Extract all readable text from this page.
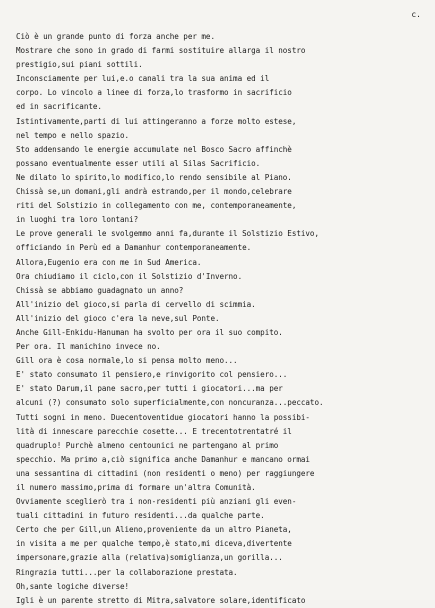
c.
Ciò è un grande punto di forza anche per me.
Mostrare che sono in grado di farmi sostituire allarga il nostro
prestigio,sui piani sottili.
Inconsciamente per lui,e.o canali tra la sua anima ed il
corpo. Lo vincolo a linee di forza,lo trasformo in sacrificio
ed in sacrificante.
Istintivamente,parti di lui attingeranno a forze molto estese,
nel tempo e nello spazio.
Sto addensando le energie accumulate nel Bosco Sacro affinchè
possano eventualmente esser utili al Silas Sacrificio.
Ne dilato lo spirito,lo modifico,lo rendo sensibile al Piano.
Chissà se,un domani,gli andrà estrando,per il mondo,celebrare
riti del Solstizio in collegamento con me, contemporaneamente,
in luoghi tra loro lontani?
Le prove generali le svolgemmo anni fa,durante il Solstizio Estivo,
officiando in Perù ed a Damanhur contemporaneamente.
Allora,Eugenio era con me in Sud America.
Ora chiudiamo il ciclo,con il Solstizio d'Inverno.
Chissà se abbiamo guadagnato un anno?
All'inizio del gioco,si parla di cervello di scimmia.
All'inizio del gioco c'era la neve,sul Ponte.
Anche Gill-Enkidu-Hanuman ha svolto per ora il suo compito.
Per ora. Il manichino invece no.
Gill ora è cosa normale,lo si pensa molto meno...
E' stato consumato il pensiero,e rinvigorito col pensiero...
E' stato Darum,il pane sacro,per tutti i giocatori...ma per
alcuni (?) consumato solo superficialmente,con noncuranza...peccato.
Tutti sogni in meno. Duecentoventidue giocatori hanno la possibi-
lità di innescare parecchie cosette... E trecentotrentatré il
quadruplo! Purchè almeno centounici ne partengano al primo
specchio. Ma primo a,ciò significa anche Damanhur e mancano ormai
una sessantina di cittadini (non residenti o meno) per raggiungere
il numero massimo,prima di formare un'altra Comunità.
Ovviamente sceglierò tra i non-residenti più anziani gli even-
tuali cittadini in futuro residenti...da qualche parte.
Certo che per Gill,un Alieno,proveniente da un altro Pianeta,
in visita a me per qualche tempo,è stato,mi diceva,divertente
impersonare,grazie alla (relativa)somiglianza,un gorilla...
Ringrazia tutti...per la collaborazione prestata.
Oh,sante logiche diverse!
Igli è un parente stretto di Mitra,salvatore solare,identificato
